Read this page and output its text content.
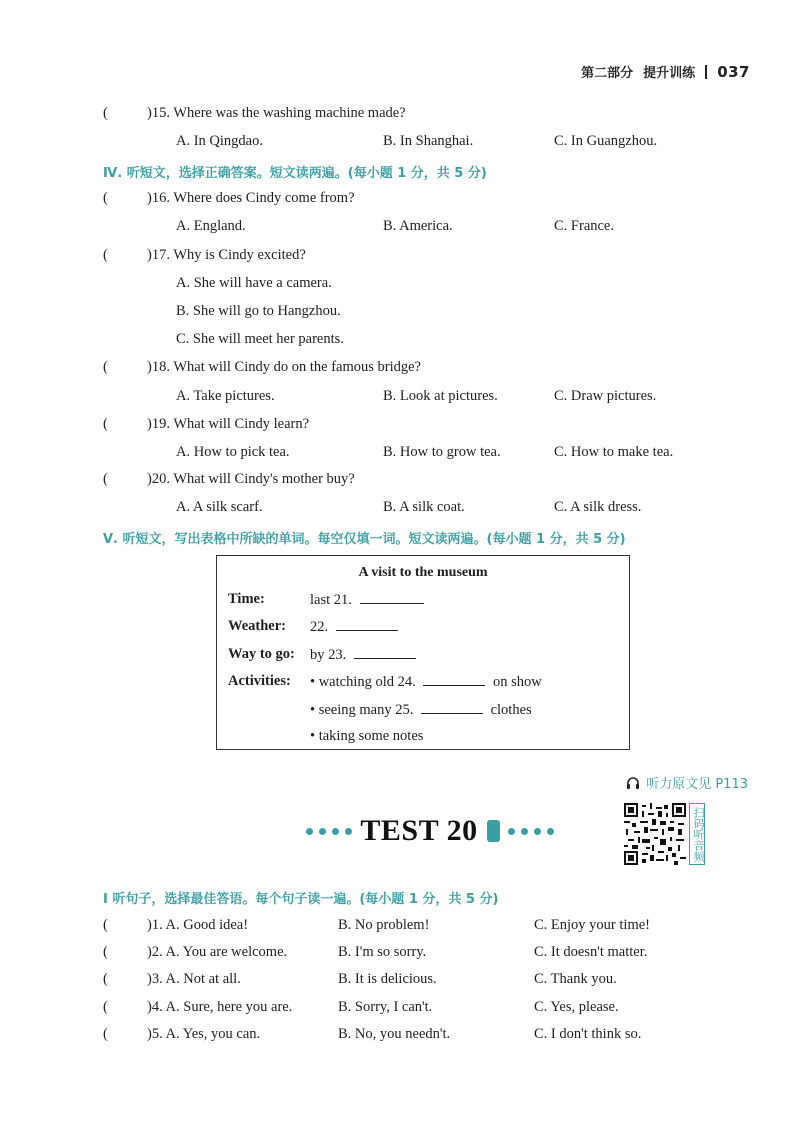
第二部分 提升训练 037
(	)15. Where was the washing machine made?
A. In Qingdao.	B. In Shanghai.	C. In Guangzhou.
Ⅳ. 听短文，选择正确答案。短文读两遍。(每小题 1 分，共 5 分)
(	)16. Where does Cindy come from?
A. England.	B. America.	C. France.
(	)17. Why is Cindy excited?
A. She will have a camera.
B. She will go to Hangzhou.
C. She will meet her parents.
(	)18. What will Cindy do on the famous bridge?
A. Take pictures.	B. Look at pictures.	C. Draw pictures.
(	)19. What will Cindy learn?
A. How to pick tea.	B. How to grow tea.	C. How to make tea.
(	)20. What will Cindy's mother buy?
A. A silk scarf.	B. A silk coat.	C. A silk dress.
Ⅴ. 听短文，写出表格中所缺的单词。每空仅填一词。短文读两遍。(每小题 1 分，共 5 分)
A visit to the museum
Time:	last 21.
Weather: 22.
Way to go: by 23.
Activities: • watching old 24.	on show
• seeing many 25.	clothes
• taking some notes
听力原文见 P113
TEST 20	扫码听音频
Ⅰ 听句子，选择最佳答语。每个句子读一遍。(每小题 1 分，共 5 分)
(	)1. A. Good idea!	B. No problem!	C. Enjoy your time!
(	)2. A. You are welcome.	B. I'm so sorry.	C. It doesn't matter.
(	)3. A. Not at all.	B. It is delicious.	C. Thank you.
(	)4. A. Sure, here you are.	B. Sorry, I can't.	C. Yes, please.
(	)5. A. Yes, you can.	B. No, you needn't.	C. I don't think so.
